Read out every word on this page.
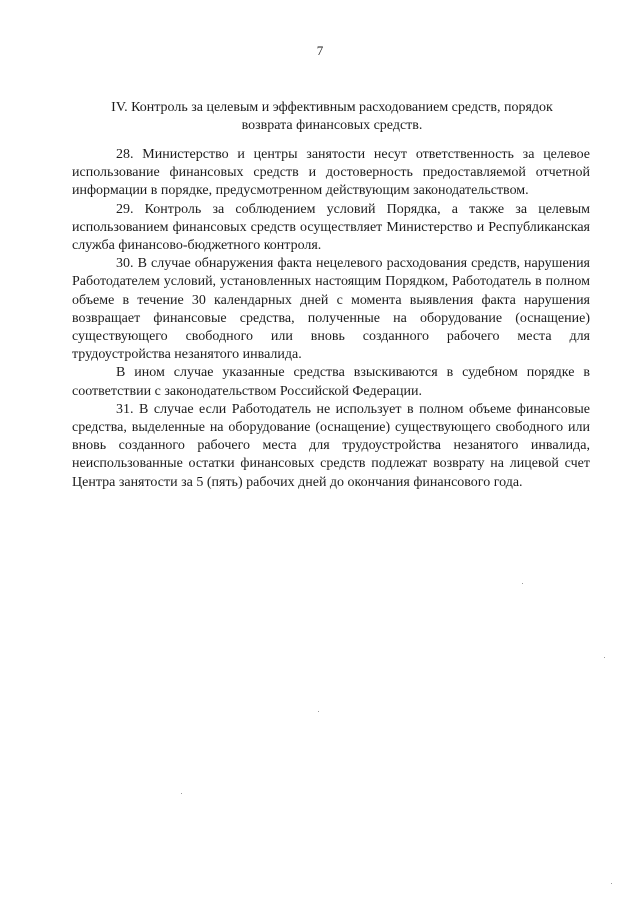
7
IV. Контроль за целевым и эффективным расходованием средств, порядок
возврата финансовых средств.

28. Министерство и центры занятости несут ответственность за целевое использование финансовых средств и достоверность предоставляемой отчетной информации в порядке, предусмотренном действующим законодательством.

29. Контроль за соблюдением условий Порядка, а также за целевым использованием финансовых средств осуществляет Министерство и Республиканская служба финансово-бюджетного контроля.

30. В случае обнаружения факта нецелевого расходования средств, нарушения Работодателем условий, установленных настоящим Порядком, Работодатель в полном объеме в течение 30 календарных дней с момента выявления факта нарушения возвращает финансовые средства, полученные на оборудование (оснащение) существующего свободного или вновь созданного рабочего места для трудоустройства незанятого инвалида.

В ином случае указанные средства взыскиваются в судебном порядке в соответствии с законодательством Российской Федерации.

31. В случае если Работодатель не использует в полном объеме финансовые средства, выделенные на оборудование (оснащение) существующего свободного или вновь созданного рабочего места для трудоустройства незанятого инвалида, неиспользованные остатки финансовых средств подлежат возврату на лицевой счет Центра занятости за 5 (пять) рабочих дней до окончания финансового года.
